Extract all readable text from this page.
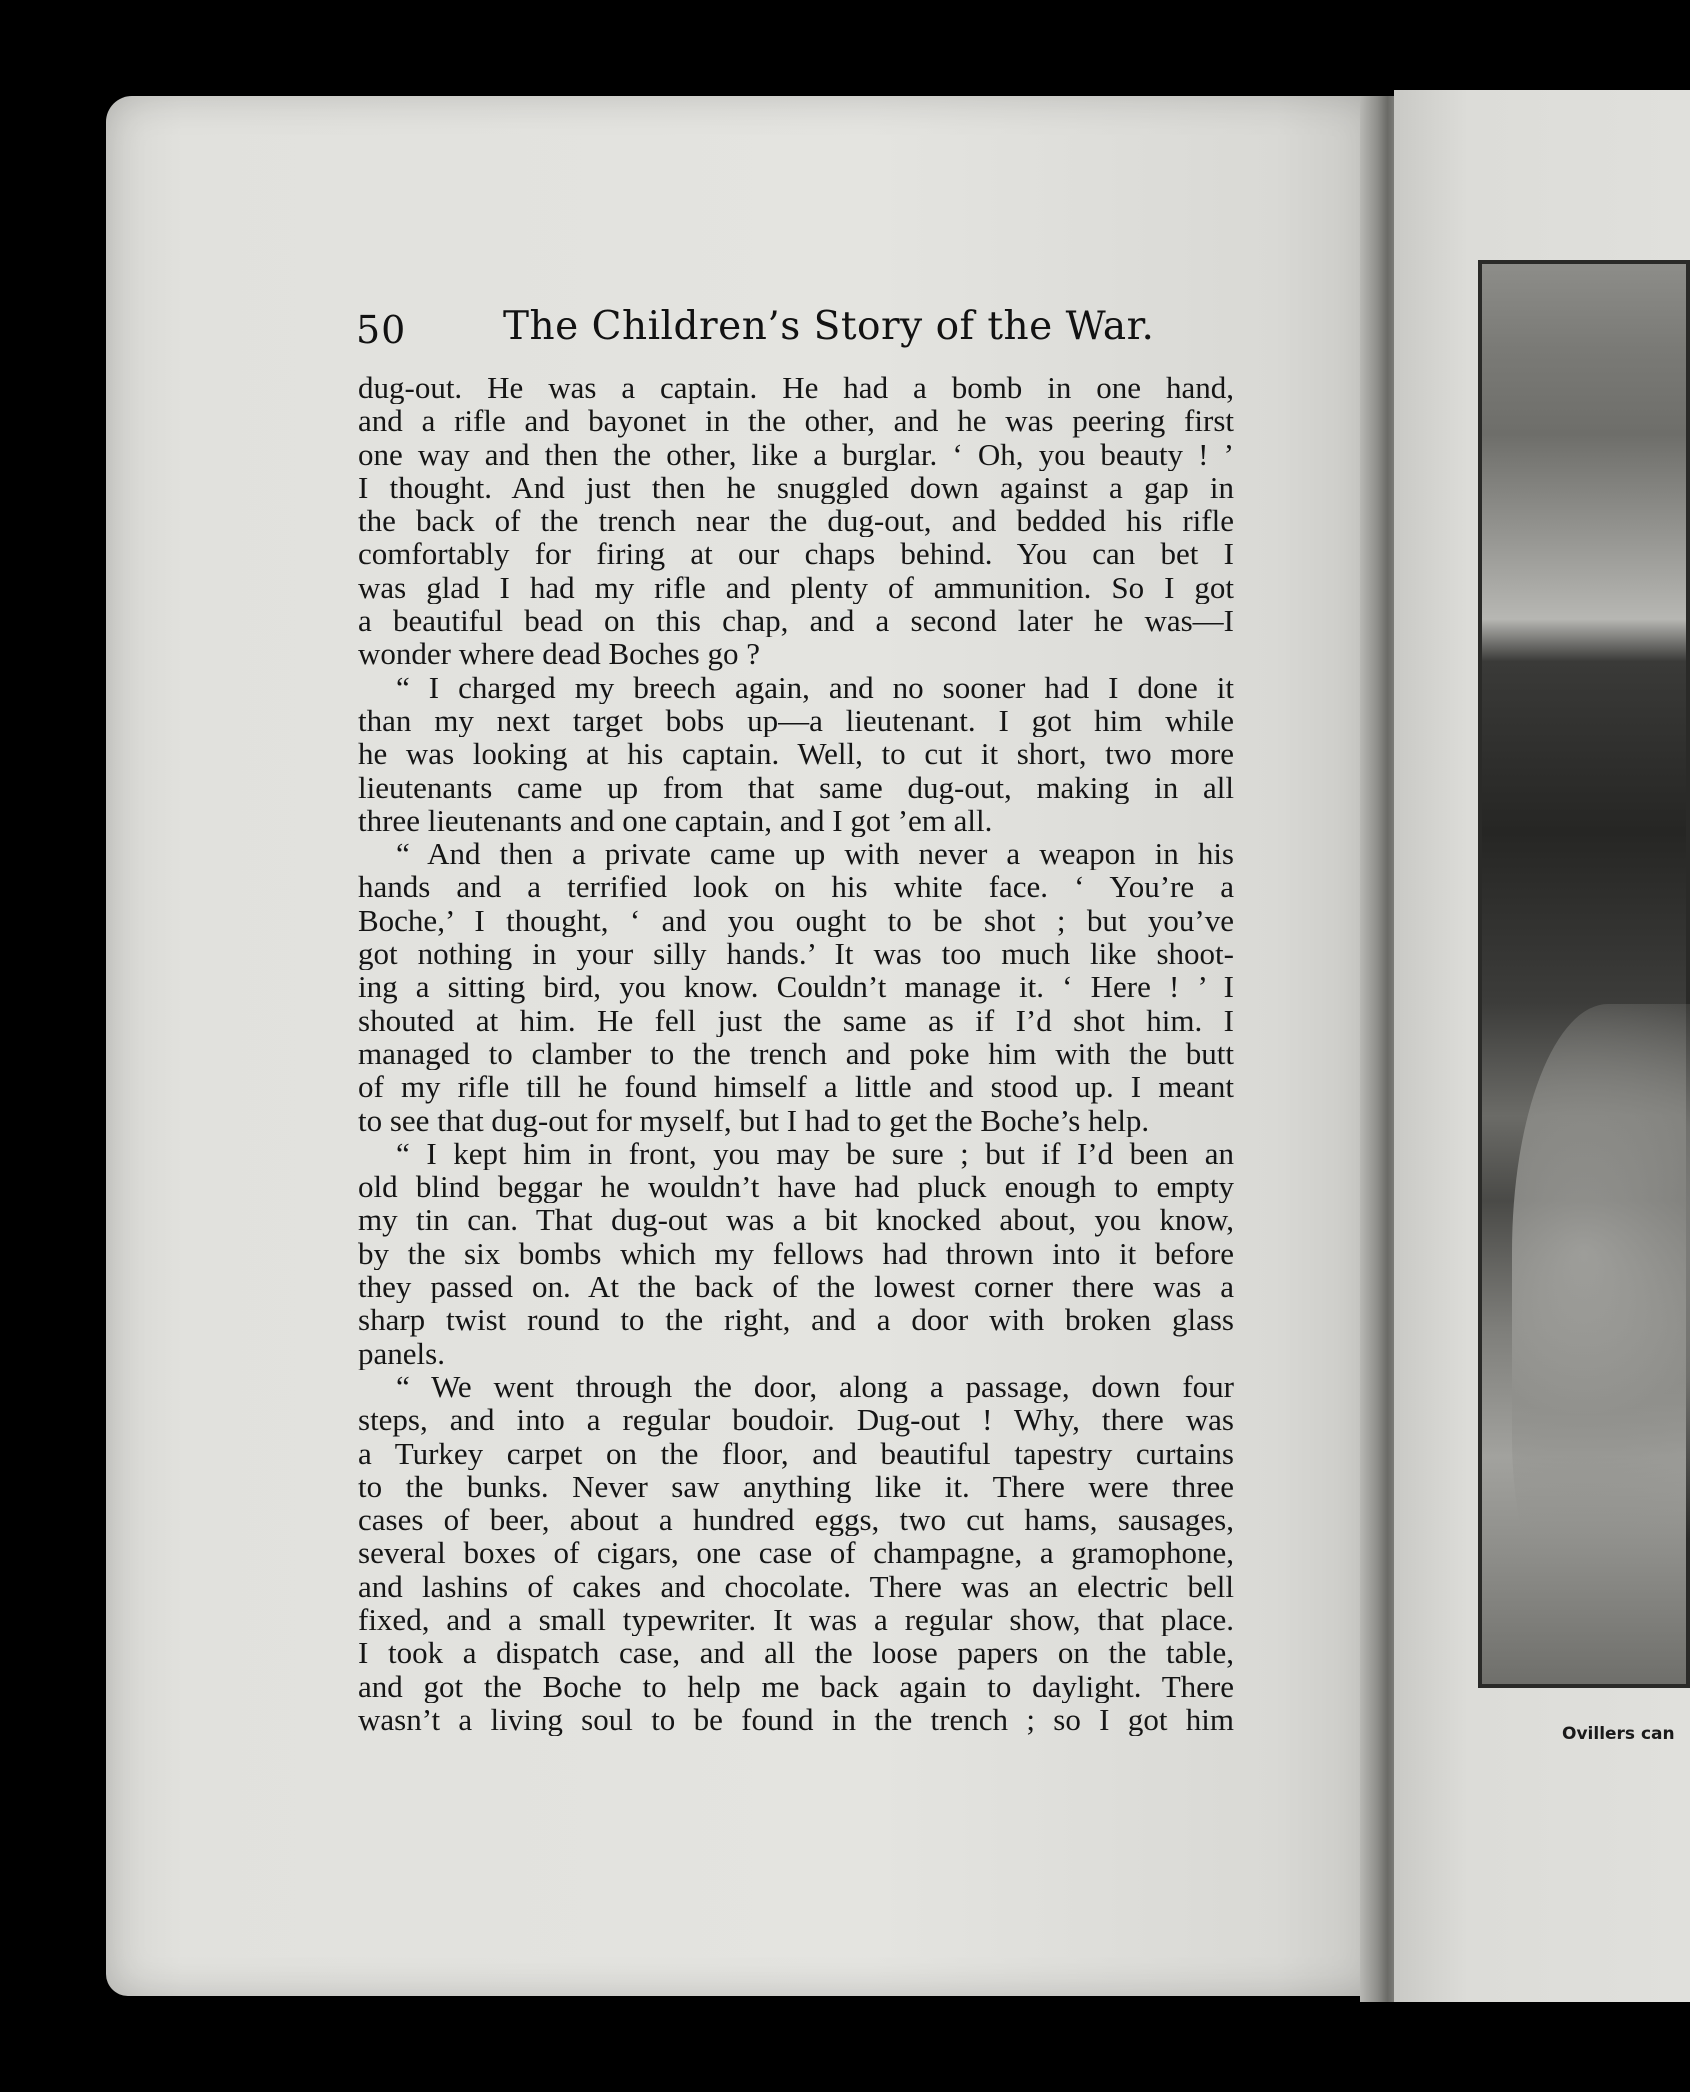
Ovillers can
50 The Children’s Story of the War.
dug-out. He was a captain. He had a bomb in one hand,
and a rifle and bayonet in the other, and he was peering first
one way and then the other, like a burglar. ‘ Oh, you beauty ! ’
I thought. And just then he snuggled down against a gap in
the back of the trench near the dug-out, and bedded his rifle
comfortably for firing at our chaps behind. You can bet I
was glad I had my rifle and plenty of ammunition. So I got
a beautiful bead on this chap, and a second later he was—I
wonder where dead Boches go ?
“ I charged my breech again, and no sooner had I done it
than my next target bobs up—a lieutenant. I got him while
he was looking at his captain. Well, to cut it short, two more
lieutenants came up from that same dug-out, making in all
three lieutenants and one captain, and I got ’em all.
“ And then a private came up with never a weapon in his
hands and a terrified look on his white face. ‘ You’re a
Boche,’ I thought, ‘ and you ought to be shot ; but you’ve
got nothing in your silly hands.’ It was too much like shoot-
ing a sitting bird, you know. Couldn’t manage it. ‘ Here ! ’ I
shouted at him. He fell just the same as if I’d shot him. I
managed to clamber to the trench and poke him with the butt
of my rifle till he found himself a little and stood up. I meant
to see that dug-out for myself, but I had to get the Boche’s help.
“ I kept him in front, you may be sure ; but if I’d been an
old blind beggar he wouldn’t have had pluck enough to empty
my tin can. That dug-out was a bit knocked about, you know,
by the six bombs which my fellows had thrown into it before
they passed on. At the back of the lowest corner there was a
sharp twist round to the right, and a door with broken glass
panels.
“ We went through the door, along a passage, down four
steps, and into a regular boudoir. Dug-out ! Why, there was
a Turkey carpet on the floor, and beautiful tapestry curtains
to the bunks. Never saw anything like it. There were three
cases of beer, about a hundred eggs, two cut hams, sausages,
several boxes of cigars, one case of champagne, a gramophone,
and lashins of cakes and chocolate. There was an electric bell
fixed, and a small typewriter. It was a regular show, that place.
I took a dispatch case, and all the loose papers on the table,
and got the Boche to help me back again to daylight. There
wasn’t a living soul to be found in the trench ; so I got him
